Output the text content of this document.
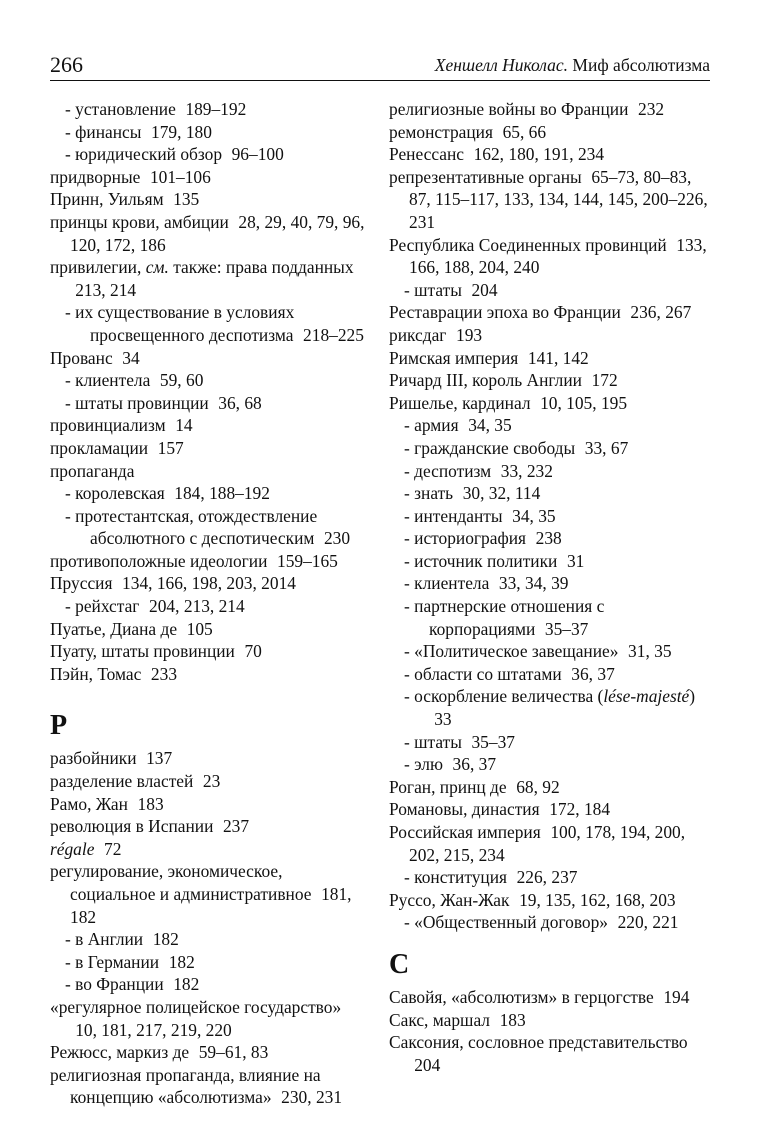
266	Хеншелл Николас. Миф абсолютизма
- установление 189–192
- финансы 179, 180
- юридический обзор 96–100
придворные 101–106
Принн, Уильям 135
принцы крови, амбиции 28, 29, 40, 79, 96, 120, 172, 186
привилегии, см. также: права подданных 213, 214
- их существование в условиях просвещенного деспотизма 218–225
Прованс 34
- клиентела 59, 60
- штаты провинции 36, 68
провинциализм 14
прокламации 157
пропаганда
- королевская 184, 188–192
- протестантская, отождествление абсолютного с деспотическим 230
противоположные идеологии 159–165
Пруссия 134, 166, 198, 203, 2014
- рейхстаг 204, 213, 214
Пуатье, Диана де 105
Пуату, штаты провинции 70
Пэйн, Томас 233
Р
разбойники 137
разделение властей 23
Рамо, Жан 183
революция в Испании 237
régale 72
регулирование, экономическое, социальное и административное 181, 182
- в Англии 182
- в Германии 182
- во Франции 182
«регулярное полицейское государство» 10, 181, 217, 219, 220
Режюсс, маркиз де 59–61, 83
религиозная пропаганда, влияние на концепцию «абсолютизма» 230, 231
религиозные войны во Франции 232
ремонстрация 65, 66
Ренессанс 162, 180, 191, 234
репрезентативные органы 65–73, 80–83, 87, 115–117, 133, 134, 144, 145, 200–226, 231
Республика Соединенных провинций 133, 166, 188, 204, 240
- штаты 204
Реставрации эпоха во Франции 236, 267
риксдаг 193
Римская империя 141, 142
Ричард III, король Англии 172
Ришелье, кардинал 10, 105, 195
- армия 34, 35
- гражданские свободы 33, 67
- деспотизм 33, 232
- знать 30, 32, 114
- интенданты 34, 35
- историография 238
- источник политики 31
- клиентела 33, 34, 39
- партнерские отношения с корпорациями 35–37
- «Политическое завещание» 31, 35
- области со штатами 36, 37
- оскорбление величества (lése-majesté) 33
- штаты 35–37
- элю 36, 37
Роган, принц де 68, 92
Романовы, династия 172, 184
Российская империя 100, 178, 194, 200, 202, 215, 234
- конституция 226, 237
Руссо, Жан-Жак 19, 135, 162, 168, 203
- «Общественный договор» 220, 221
С
Савойя, «абсолютизм» в герцогстве 194
Сакс, маршал 183
Саксония, сословное представительство 204
